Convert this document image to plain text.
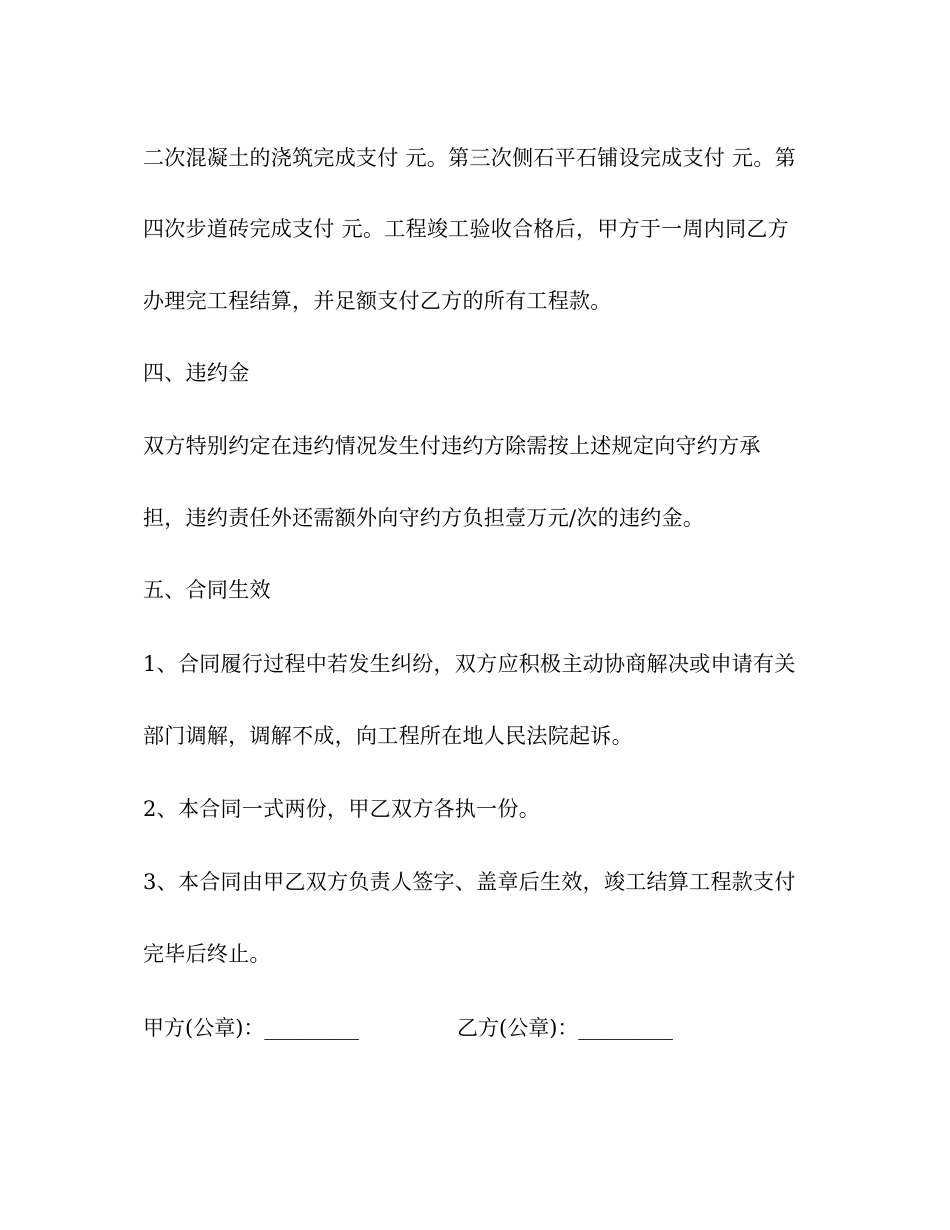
二次混凝土的浇筑完成支付 元。第三次侧石平石铺设完成支付 元。第
四次步道砖完成支付 元。工程竣工验收合格后，甲方于一周内同乙方
办理完工程结算，并足额支付乙方的所有工程款。
四、违约金
双方特别约定在违约情况发生付违约方除需按上述规定向守约方承
担，违约责任外还需额外向守约方负担壹万元/次的违约金。
五、合同生效
1、合同履行过程中若发生纠纷，双方应积极主动协商解决或申请有关
部门调解，调解不成，向工程所在地人民法院起诉。
2、本合同一式两份，甲乙双方各执一份。
3、本合同由甲乙双方负责人签字、盖章后生效，竣工结算工程款支付
完毕后终止。
甲方(公章)：_________	乙方(公章)：_________
